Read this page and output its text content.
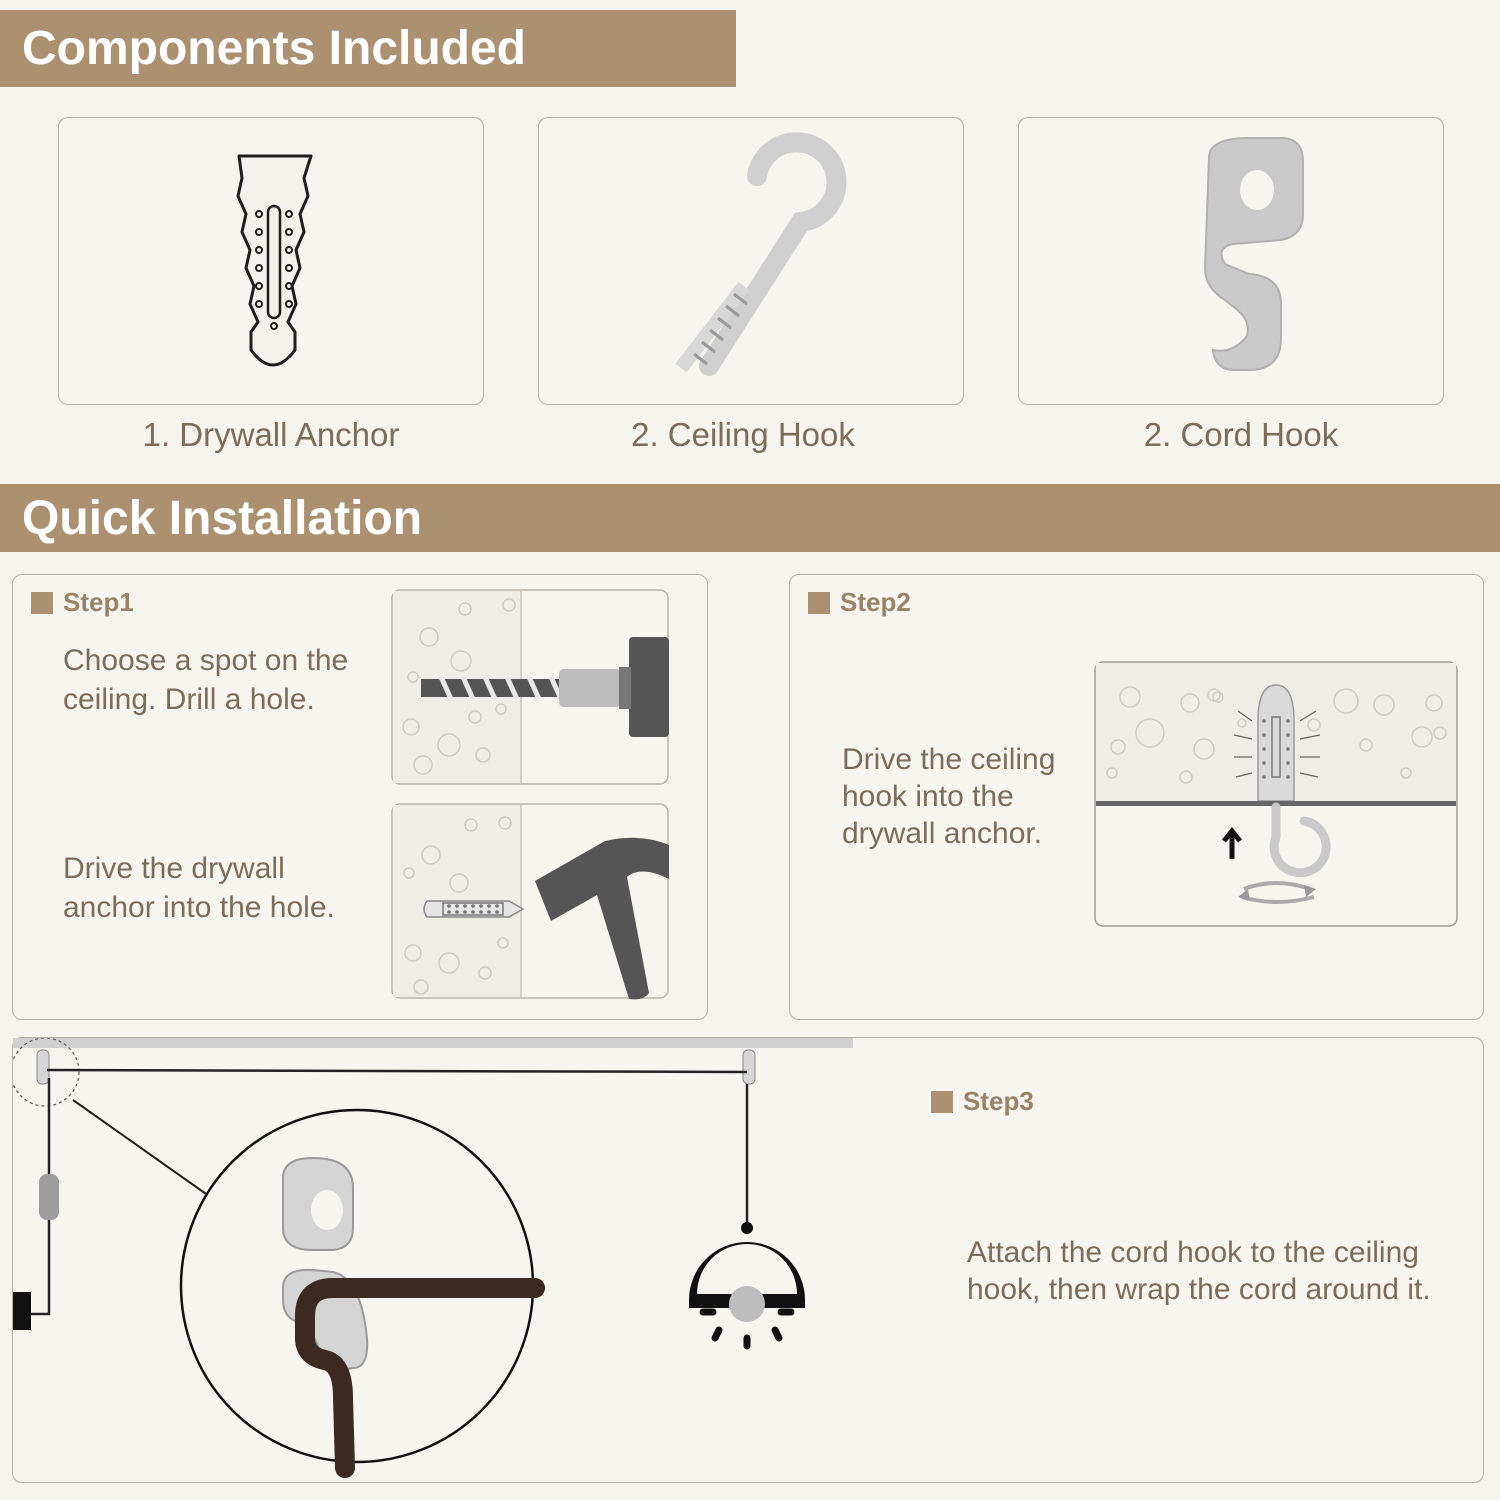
Components Included
1. Drywall Anchor	2. Ceiling Hook	2. Cord Hook
Quick Installation
Step1
Choose a spot on the ceiling. Drill a hole.
Drive the drywall anchor into the hole.
Step2
Drive the ceiling hook into the drywall anchor.
Step3
Attach the cord hook to the ceiling hook, then wrap the cord around it.
